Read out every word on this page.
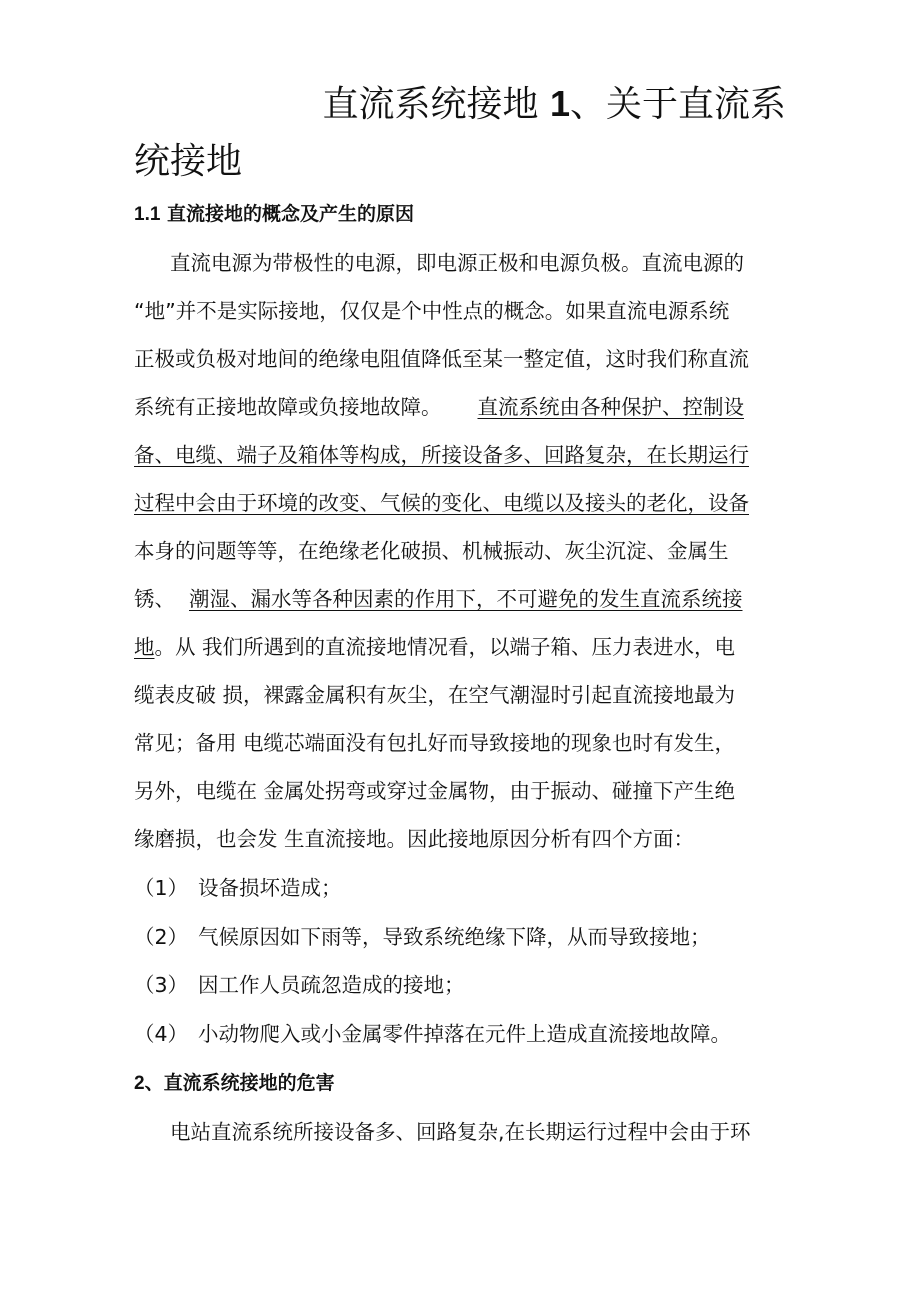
直流系统接地 1、关于直流系
统接地
1.1 直流接地的概念及产生的原因
直流电源为带极性的电源，即电源正极和电源负极。直流电源的
“地”并不是实际接地，仅仅是个中性点的概念。如果直流电源系统
正极或负极对地间的绝缘电阻值降低至某一整定值，这时我们称直流
系统有正接地故障或负接地故障。 直流系统由各种保护、控制设
备、电缆、端子及箱体等构成，所接设备多、回路复杂，在长期运行
过程中会由于环境的改变、气候的变化、电缆以及接头的老化，设备
本身的问题等等，在绝缘老化破损、机械振动、灰尘沉淀、金属生
锈、 潮湿、漏水等各种因素的作用下，不可避免的发生直流系统接
地。从 我们所遇到的直流接地情况看，以端子箱、压力表进水，电
缆表皮破 损，裸露金属积有灰尘，在空气潮湿时引起直流接地最为
常见；备用 电缆芯端面没有包扎好而导致接地的现象也时有发生，
另外，电缆在 金属处拐弯或穿过金属物，由于振动、碰撞下产生绝
缘磨损，也会发 生直流接地。因此接地原因分析有四个方面：
（1） 设备损坏造成；
（2） 气候原因如下雨等，导致系统绝缘下降，从而导致接地；
（3） 因工作人员疏忽造成的接地；
（4） 小动物爬入或小金属零件掉落在元件上造成直流接地故障。
2、直流系统接地的危害
电站直流系统所接设备多、回路复杂,在长期运行过程中会由于环
